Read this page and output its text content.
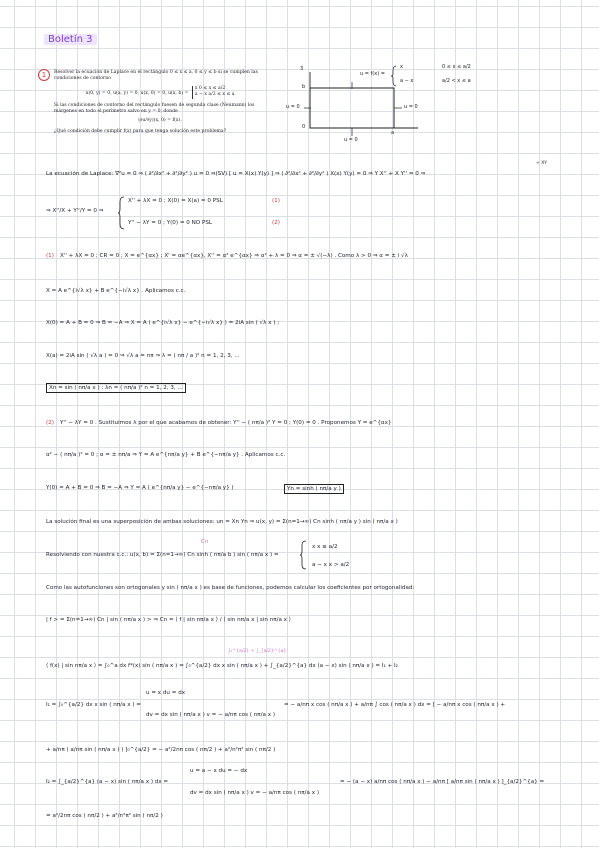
Boletín 3
1	Resolver la ecuación de Laplace en el rectángulo 0 ≤ x ≤ a, 0 ≤ y ≤ b si se cumplen las condiciones de contorno

u(0, y) = 0, u(a, y) = 0, u(x, 0) = 0, u(x, b) = x 0 ≤ x ≤ a/2
a − x a/2 ≤ x ≤ a

Si las condiciones de contorno del rectángulo fuesen de segunda clase (Neumann) los márgenes en todo el perímetro salvo en y = 0, donde

(∂u/∂y)(x, 0) = f(x).

¿Qué condición debe cumplir f(x) para que tenga solución este problema?

3
b
0
a
u = f(x) =
x
a − x
0 ≤ x ≤ a/2
a/2 < x ≤ a
u = 0	u = 0
u = 0
La ecuación de Laplace: ∇²u = 0 ⇒ ( ∂²/∂x² + ∂²/∂y² ) u = 0 ⇒(SV) [ u = X(x) Y(y) ] ⇒ ( ∂²/∂x² + ∂²/∂y² ) X(x) Y(y) = 0 ⇒ Y X'' + X Y'' = 0 ⇒
÷ XY
⇒ X''/X + Y''/Y = 0 ⇒
X'' + λX = 0 ; X(0) = X(a) = 0 PSL
Y'' − λY = 0 ; Y(0) = 0 NO PSL
(1)
(2)
(1) X'' + λX = 0 ; CR = 0 ; X = e^{αx} ; X' = αe^{αx}, X'' = α² e^{αx} ⇒ α² + λ = 0 ⇒ α = ± √(−λ) . Como λ > 0 ⇒ α = ± i √λ
X = A e^{i√λ x} + B e^{−i√λ x} . Aplicamos c.c.
X(0) = A + B = 0 ⇒ B = −A ⇒ X = A ( e^{i√λ x} − e^{−i√λ x} ) = 2iA sin ( √λ x ) ;
X(a) = 2iA sin ( √λ a ) = 0 ⇒ √λ a = nπ ⇒ λ = ( nπ / a )² n = 1, 2, 3, ...
Xn = sin ( nπ/a x ) ; λn = ( nπ/a )² n = 1, 2, 3, ...
(2) Y'' − λY = 0 . Sustituimos λ por el que acabamos de obtener: Y'' − ( nπ/a )² Y = 0 ; Y(0) = 0 . Proponemos Y = e^{αx}
α² − ( nπ/a )² = 0 ; α = ± nπ/a ⇒ Y = A e^{nπ/a y} + B e^{−nπ/a y} . Aplicamos c.c.
Y(0) = A + B = 0 ⇒ B = −A ⇒ Y = A ( e^{nπ/a y} − e^{−nπ/a y} )	Yn = sinh ( nπ/a y )
La solución final es una superposición de ambas soluciones: un = Xn Yn ⇒ u(x, y) = Σ(n=1→∞) Cn sinh ( nπ/a y ) sin ( nπ/a x )
Cn
Resolviendo con nuestra c.c.: u(x, b) = Σ(n=1→∞) Cn sinh ( nπ/a b ) sin ( nπ/a x ) =
x x ≤ a/2
a − x x > a/2
Como las autofunciones son ortogonales y sin ( nπ/a x ) es base de funciones, podemos calcular los coeficientes por ortogonalidad:
| f > = Σ(n=1→∞) Cn | sin ( nπ/a x ) > ⇒ Cn = ⟨ f | sin nπ/a x ⟩ / ⟨ sin nπ/a x | sin nπ/a x ⟩
∫₀^{a/2} + ∫_{a/2}^{a}
⟨ f(x) | sin nπ/a x ⟩ = ∫₀^a dx f*(x) sin ( nπ/a x ) = ∫₀^{a/2} dx x sin ( nπ/a x ) + ∫_{a/2}^{a} dx (a − x) sin ( nπ/a x ) = I₁ + I₂
I₁ = ∫₀^{a/2} dx x sin ( nπ/a x ) =
u = x du = dx
dv = dx sin ( nπ/a x ) v = − a/nπ cos ( nπ/a x )
= − a/nπ x cos ( nπ/a x ) + a/nπ ∫ cos ( nπ/a x ) dx = [ − a/nπ x cos ( nπ/a x ) +
+ a/nπ ( a/nπ sin ( nπ/a x ) ) ]₀^{a/2} = − a²/2nπ cos ( nπ/2 ) + a²/n²π² sin ( nπ/2 )
I₂ = ∫_{a/2}^{a} (a − x) sin ( nπ/a x ) dx =
u = a − x du = − dx
dv = dx sin ( nπ/a x ) v = − a/nπ cos ( nπ/a x )
= − (a − x) a/nπ cos ( nπ/a x ) − a/nπ [ a/nπ sin ( nπ/a x ) ]_{a/2}^{a} =
= a²/2nπ cos ( nπ/2 ) + a²/n²π² sin ( nπ/2 )
